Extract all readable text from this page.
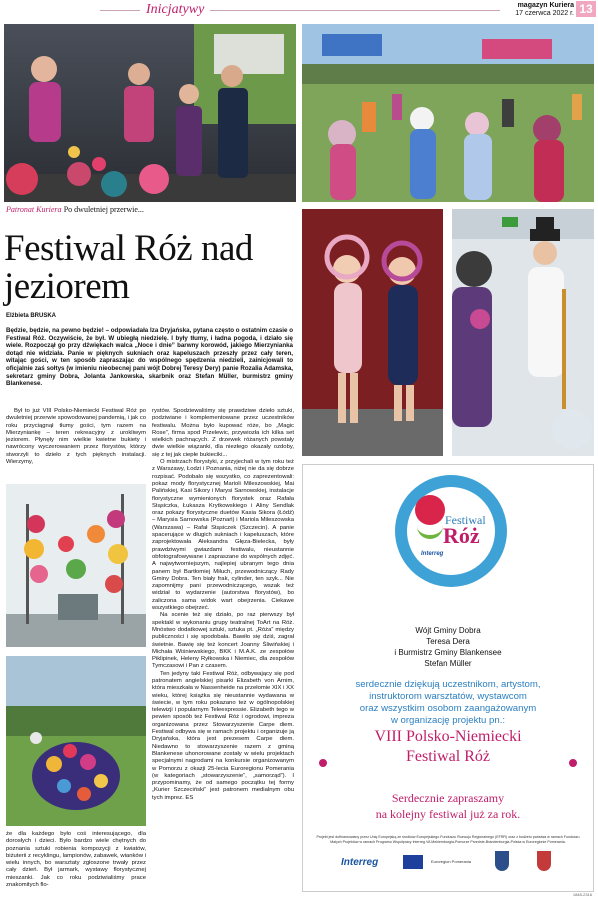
Inicjatywy	magazyn Kuriera
17 czerwca 2022 r. 13
Patronat Kuriera Po dwuletniej przerwie...
Festiwal Róż nad jeziorem
Elżbieta BRUSKA
Będzie, będzie, na pewno będzie! – odpowiadała Iza Dryjańska, pytana często o ostatnim czasie o Festiwal Róż. Oczywiście, że był. W ubiegłą niedzielę. I były tłumy, i ładna pogoda, i działo się wiele. Rozpoczął go przy dźwiękach walca „Noce i dnie” barwny korowód, jakiego Mierzynianka dotąd nie widziała. Panie w pięknych sukniach oraz kapeluszach przeszły przez cały teren, witając gości, w ten sposób zapraszając do wspólnego spędzenia niedzieli, zainicjowali to oficjalnie zaś sołtys (w imieniu nieobecnej pani wójt Dobrej Teresy Dery) panie Rozalia Adamska, sekretarz gminy Dobra, Jolanta Jankowska, skarbnik oraz Stefan Müller, burmistrz gminy Blankenese.

Był to już VIII Polsko-Niemiecki Festiwal Róż po dwuletniej przerwie spowodowanej pandemią, i jak co roku przyciągnął tłumy gości, tym razem na Mierzyniankę – teren rekreacyjny z urokliwym jeziorem. Płynęły nim wielkie kwietne bukiety i nawrócony wyczerowaniem przez florystów, którzy stworzyli to dzieło z tych pięknych instalacji. Wierzymy,

że dla każdego było coś interesującego, dla dorosłych i dzieci. Było bardzo wiele chętnych do poznania sztuki robienia kompozycji z kwiatów, biżuterii z recyklingu, lampionów, zabawek, wianków i wielu innych, bo warsztaty zgłoszone trwały przez cały dzień. Był jarmark, wystawy florystycznej mieszanki. Jak co roku podziwialiśmy prace znakomitych flo-

rystów. Spodziewaliśmy się prawdziwe dzieło sztuki, podziwiane i komplementowane przez uczestników festiwalu. Można było kupować róże, bo „Magic Rose”, firma spod Przelewic, przywiozła ich kilka set wielkich pachnących. Z drzewek różanych powstały dwie wielkie wiązanki, dla niezłego okazały ozdoby, się z tej jak ciepłe bukieciki...

O mistrzach florystyki, z przyjechali w tym roku też z Warszawy, Łodzi i Poznania, niżej nie da się dobrze rozpisać. Podobało się wszystko, co zaprezentowali: pokaz mody florystycznej Marioli Mileszowskiej, Mai Palińskiej, Kasi Sikory i Marysi Sarnowskiej, instalacje florystyczne wymienionych florystek oraz Rafała Stąsiczka, Łukasza Krytkowskiego i Aliny Sendlak oraz pokazy florystyczne duetów Kasia Sikora (Łódź) – Marysia Sarnowska (Poznań) i Mariola Mileszowska (Warszawa) – Rafał Stąsiczek (Szczecin). A panie spacerujące w długich sukniach i kapeluszach, które zaprojektowała Aleksandra Głęza-Bielecka, były prawdziwymi gwiazdami festiwalu, nieustannie obfotografowywane i zapraszane do wspólnych zdjęć. A najwytworniejszym, najlepiej ubranym tego dnia panem był Bartłomiej Miłuch, przewodniczący Rady Gminy Dobra. Ten biały frak, cylinder, ten szyk... Nie zapomnijmy pani przewodniczącego, wszak też widział to wydarzenie (autorstwa florystów), bo zaliczona sama widok wart obejrzenia. Ciekawe wszystkiego obejrzeć.

Na scenie też się działo, po raz pierwszy był spektakl w wykonaniu grupy teatralnej ToArt na Róż. Mnóstwo dodatkowej sztuki, sztuka pt. „Róża” między publiczności i się spodobała. Bawiło się dziś, zagrał świetnie. Bawię się też koncert Joanny Śliwińskiej i Michała Wiśniewskiego, BKK i M.A.K. ze zespołów Piklipinek, Heleny Ryłkowska i Niemiec, dla zespołów Tymczasowi i Pan z czasem.

Ten jedyny taki Festiwal Róż, odbywający się pod patronatem angielskiej pisarki Elizabeth von Arnim, która mieszkała w Nassenheide na przełomie XIX i XX wieku, której książka się nieustannie wydawana w świecie, w tym roku pokazano też w ogólnopolskiej telewizji i popularnym Teleexpressie. Elizabeth tego w pewien sposób też Festiwal Róż i ogrodowi, impreza organizowana przez Stowarzyszenie Carpe diem. Festiwal odbywa się w ramach projektu i organizuje ją Dryjańska, która jest prezesem Carpe diem. Niedawno to stowarzyszenie razem z gminą Blankenese uhonorowane zostały w wielu projektach specjalnymi nagrodami na konkursie organizowanym w Pomorzu z okazji 25-lecia Euroregionu Pomerania (w kategoriach „stowarzyszenie”, „samorząd”). I przypominamy, że od samego początku tej formy „Kurier Szczeciński” jest patronem medialnym obu tych imprez. ES

Festiwal
Róż
Interreg
Wójt Gminy Dobra
Teresa Dera
i Burmistrz Gminy Blankensee
Stefan Müller
serdecznie dziękują uczestnikom, artystom,
instruktorom warsztatów, wystawcom
oraz wszystkim osobom zaangażowanym
w organizację projektu pn.:
VIII Polsko-Niemiecki
Festiwal Róż
Serdecznie zapraszamy
na kolejny festiwal już za rok.
Projekt jest dofinansowany przez Unię Europejską ze środków Europejskiego Funduszu Rozwoju Regionalnego (EFRR) oraz z budżetu państwa w ramach Funduszu Małych Projektów w ramach Programu Współpracy Interreg VA Meklemburgia-Pomorze Przednie-Brandenburgia-Polska w Euroregionie Pomerania.
Interreg	Euroregion Pomerania
1848-2316
